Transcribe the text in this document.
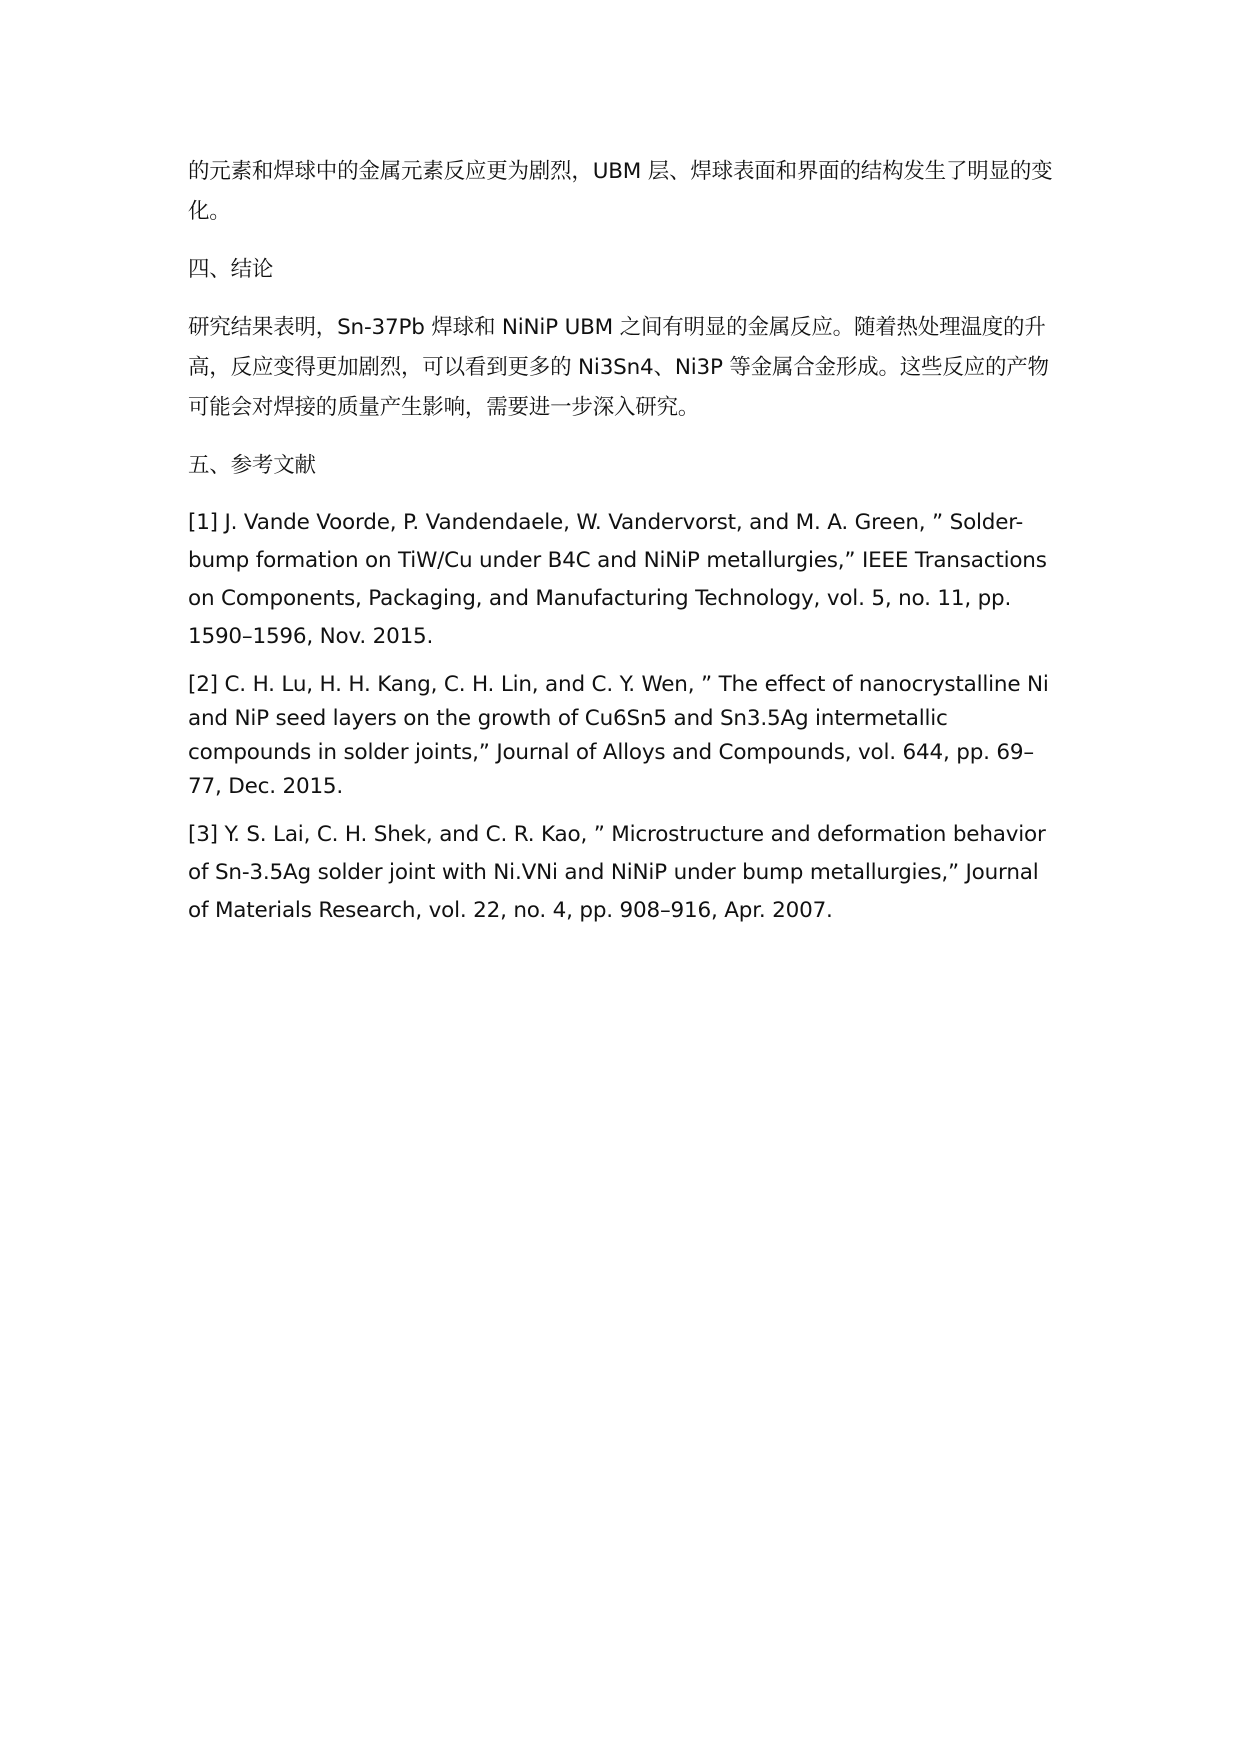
的元素和焊球中的金属元素反应更为剧烈，UBM 层、焊球表面和界面的结构发生了明显的变化。

四、结论

研究结果表明，Sn-37Pb 焊球和 NiNiP UBM 之间有明显的金属反应。随着热处理温度的升高，反应变得更加剧烈，可以看到更多的 Ni3Sn4、Ni3P 等金属合金形成。这些反应的产物可能会对焊接的质量产生影响，需要进一步深入研究。

五、参考文献

[1] J. Vande Voorde, P. Vandendaele, W. Vandervorst, and M. A. Green, ” Solder-bump formation on TiW/Cu under B4C and NiNiP metallurgies,” IEEE Transactions on Components, Packaging, and Manufacturing Technology, vol. 5, no. 11, pp. 1590–1596, Nov. 2015.

[2] C. H. Lu, H. H. Kang, C. H. Lin, and C. Y. Wen, ” The effect of nanocrystalline Ni and NiP seed layers on the growth of Cu6Sn5 and Sn3.5Ag intermetallic compounds in solder joints,” Journal of Alloys and Compounds, vol. 644, pp. 69–77, Dec. 2015.

[3] Y. S. Lai, C. H. Shek, and C. R. Kao, ” Microstructure and deformation behavior of Sn-3.5Ag solder joint with Ni.VNi and NiNiP under bump metallurgies,” Journal of Materials Research, vol. 22, no. 4, pp. 908–916, Apr. 2007.
